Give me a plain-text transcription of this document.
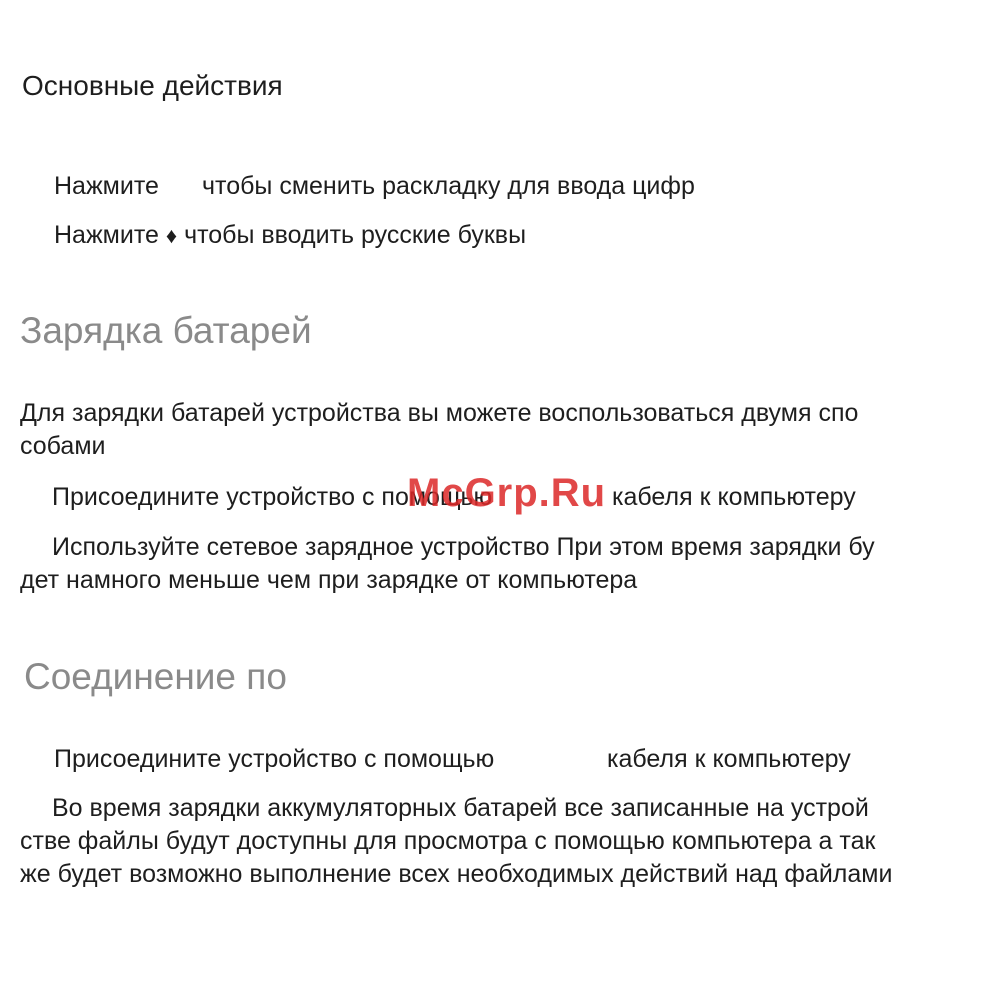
Основные действия
Нажмите чтобы сменить раскладку для ввода цифр
Нажмите ♦ чтобы вводить русские буквы
Зарядка батарей
Для зарядки батарей устройства вы можете воспользоваться двумя спо
собами
Присоедините устройство с помощью	кабеля к компьютеру
Используйте сетевое зарядное устройство При этом время зарядки бу
дет намного меньше чем при зарядке от компьютера
McGrp.Ru
Соединение по
Присоедините устройство с помощью	кабеля к компьютеру
Во время зарядки аккумуляторных батарей все записанные на устрой
стве файлы будут доступны для просмотра с помощью компьютера а так
же будет возможно выполнение всех необходимых действий над файлами
